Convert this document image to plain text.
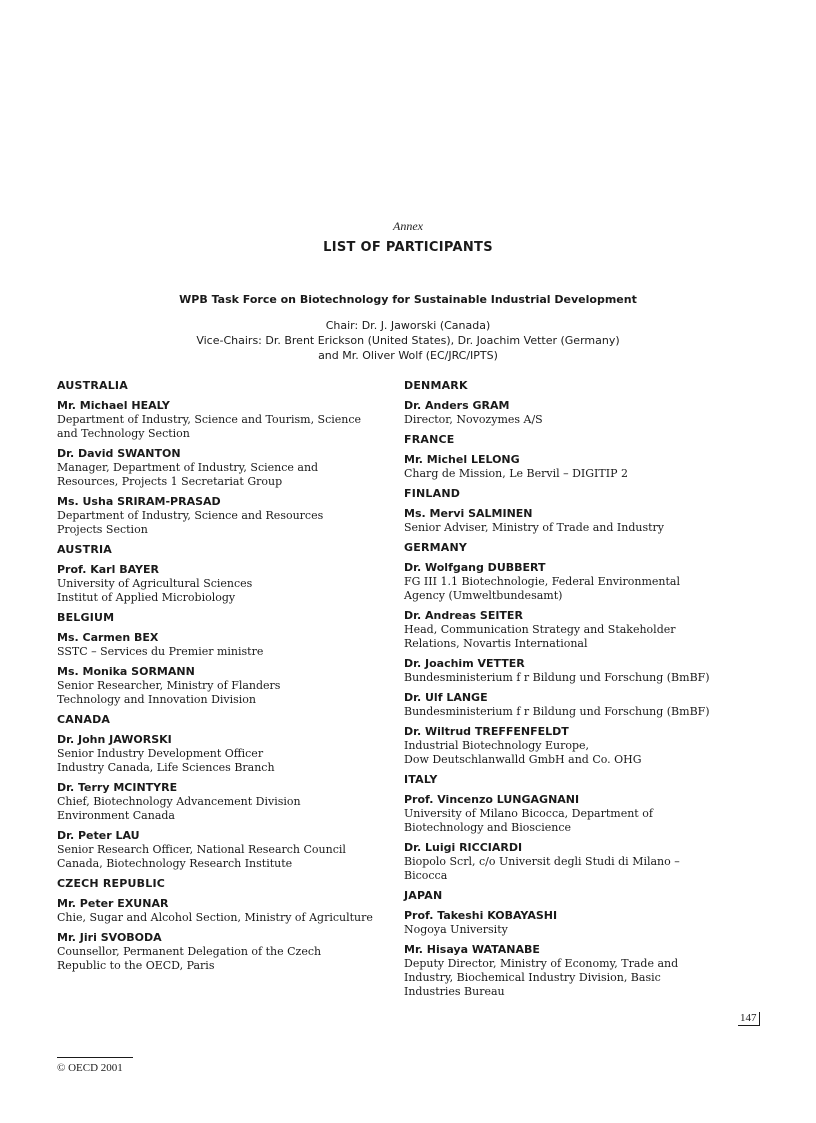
Annex
LIST OF PARTICIPANTS
WPB Task Force on Biotechnology for Sustainable Industrial Development
Chair: Dr. J. Jaworski (Canada)
Vice-Chairs: Dr. Brent Erickson (United States), Dr. Joachim Vetter (Germany)
and Mr. Oliver Wolf (EC/JRC/IPTS)
AUSTRALIA
Mr. Michael HEALY
Department of Industry, Science and Tourism, Science
and Technology Section
Dr. David SWANTON
Manager, Department of Industry, Science and
Resources, Projects 1 Secretariat Group
Ms. Usha SRIRAM-PRASAD
Department of Industry, Science and Resources
Projects Section
AUSTRIA
Prof. Karl BAYER
University of Agricultural Sciences
Institut of Applied Microbiology
BELGIUM
Ms. Carmen BEX
SSTC – Services du Premier ministre
Ms. Monika SORMANN
Senior Researcher, Ministry of Flanders
Technology and Innovation Division
CANADA
Dr. John JAWORSKI
Senior Industry Development Officer
Industry Canada, Life Sciences Branch
Dr. Terry MCINTYRE
Chief, Biotechnology Advancement Division
Environment Canada
Dr. Peter LAU
Senior Research Officer, National Research Council
Canada, Biotechnology Research Institute
CZECH REPUBLIC
Mr. Peter EXUNAR
Chie, Sugar and Alcohol Section, Ministry of Agriculture
Mr. Jiri SVOBODA
Counsellor, Permanent Delegation of the Czech
Republic to the OECD, Paris
DENMARK
Dr. Anders GRAM
Director, Novozymes A/S
FRANCE
Mr. Michel LELONG
Charg de Mission, Le Bervil – DIGITIP 2
FINLAND
Ms. Mervi SALMINEN
Senior Adviser, Ministry of Trade and Industry
GERMANY
Dr. Wolfgang DUBBERT
FG III 1.1 Biotechnologie, Federal Environmental
Agency (Umweltbundesamt)
Dr. Andreas SEITER
Head, Communication Strategy and Stakeholder
Relations, Novartis International
Dr. Joachim VETTER
Bundesministerium f r Bildung und Forschung (BmBF)
Dr. Ulf LANGE
Bundesministerium f r Bildung und Forschung (BmBF)
Dr. Wiltrud TREFFENFELDT
Industrial Biotechnology Europe,
Dow Deutschlanwalld GmbH and Co. OHG
ITALY
Prof. Vincenzo LUNGAGNANI
University of Milano Bicocca, Department of
Biotechnology and Bioscience
Dr. Luigi RICCIARDI
Biopolo Scrl, c/o Universit degli Studi di Milano –
Bicocca
JAPAN
Prof. Takeshi KOBAYASHI
Nogoya University
Mr. Hisaya WATANABE
Deputy Director, Ministry of Economy, Trade and
Industry, Biochemical Industry Division, Basic
Industries Bureau
147
© OECD 2001
